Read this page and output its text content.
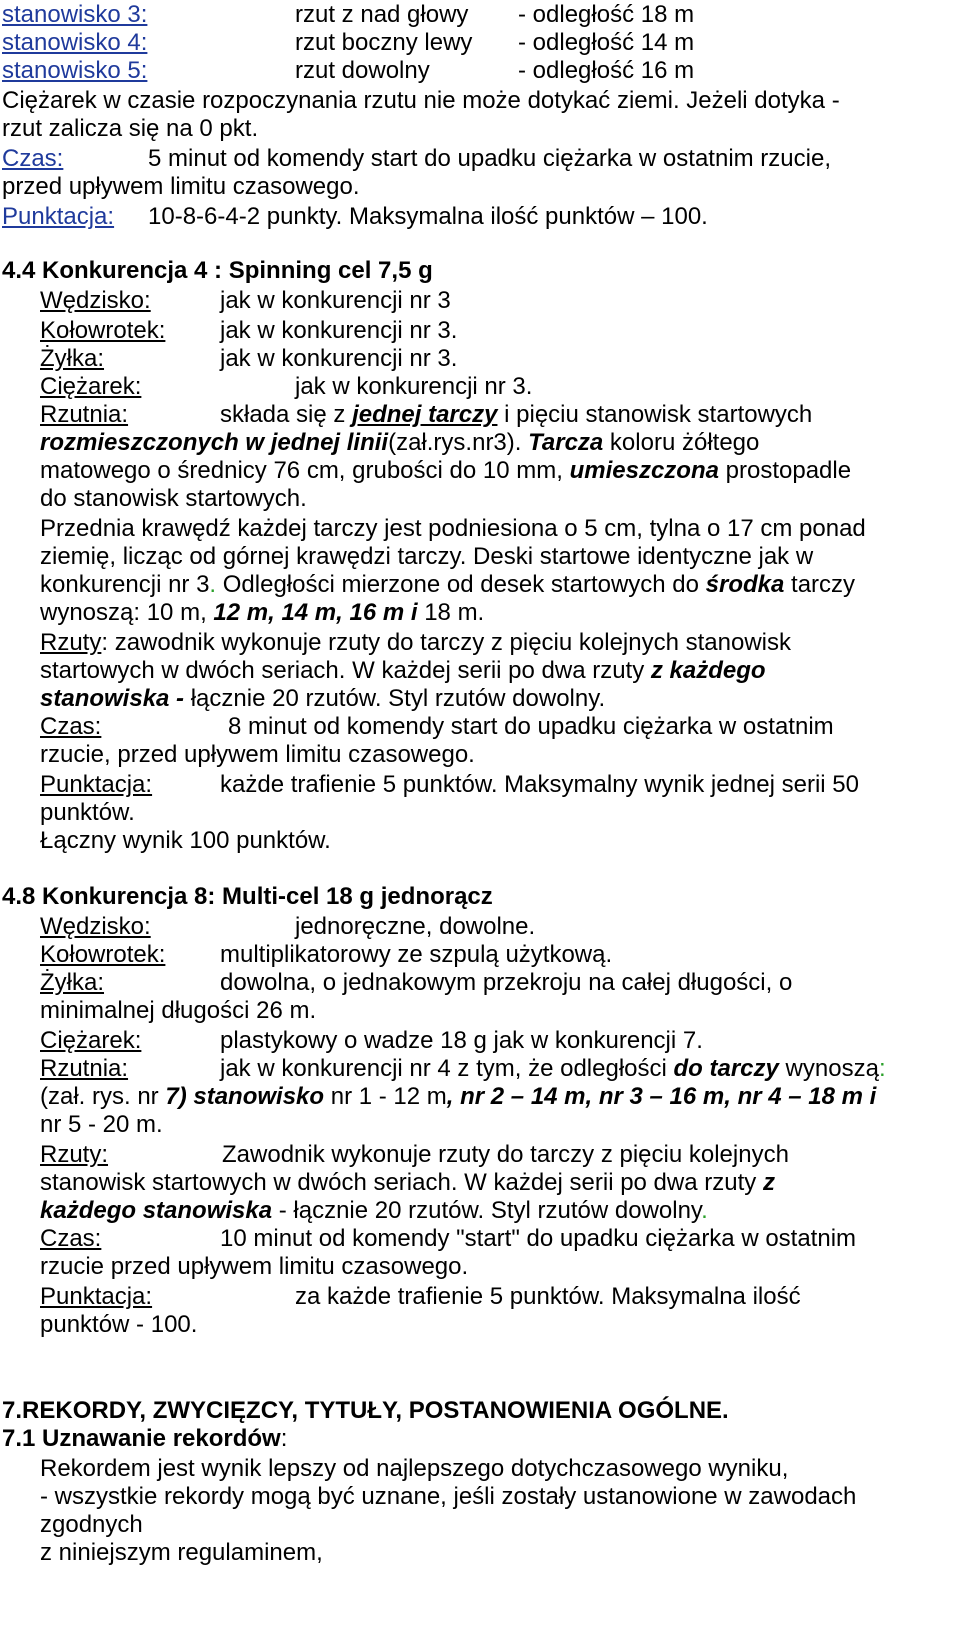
stanowisko 3:	rzut z nad głowy - odległość 18 m
stanowisko 4:	rzut boczny lewy - odległość 14 m
stanowisko 5:	rzut dowolny	- odległość 16 m
Ciężarek w czasie rozpoczynania rzutu nie może dotykać ziemi. Jeżeli dotyka -
rzut zalicza się na 0 pkt.
Czas:	5 minut od komendy start do upadku ciężarka w ostatnim rzucie,
przed upływem limitu czasowego.
Punktacja: 10-8-6-4-2 punkty. Maksymalna ilość punktów – 100.
4.4 Konkurencja 4 : Spinning cel 7,5 g
Wędzisko:	jak w konkurencji nr 3
Kołowrotek: jak w konkurencji nr 3.
Żyłka:	jak w konkurencji nr 3.
Ciężarek:	jak w konkurencji nr 3.
Rzutnia:	składa się z jednej tarczy i pięciu stanowisk startowych
rozmieszczonych w jednej linii(zał.rys.nr3). Tarcza koloru żółtego
matowego o średnicy 76 cm, grubości do 10 mm, umieszczona prostopadle
do stanowisk startowych.
Przednia krawędź każdej tarczy jest podniesiona o 5 cm, tylna o 17 cm ponad
ziemię, licząc od górnej krawędzi tarczy. Deski startowe identyczne jak w
konkurencji nr 3. Odległości mierzone od desek startowych do środka tarczy
wynoszą: 10 m, 12 m, 14 m, 16 m i 18 m.
Rzuty: zawodnik wykonuje rzuty do tarczy z pięciu kolejnych stanowisk
startowych w dwóch seriach. W każdej serii po dwa rzuty z każdego
stanowiska - łącznie 20 rzutów. Styl rzutów dowolny.
Czas:	8 minut od komendy start do upadku ciężarka w ostatnim
rzucie, przed upływem limitu czasowego.
Punktacja:	każde trafienie 5 punktów. Maksymalny wynik jednej serii 50
punktów.
Łączny wynik 100 punktów.
4.8 Konkurencja 8: Multi-cel 18 g jednorącz
Wędzisko:	jednoręczne, dowolne.
Kołowrotek: multiplikatorowy ze szpulą użytkową.
Żyłka:	dowolna, o jednakowym przekroju na całej długości, o
minimalnej długości 26 m.
Ciężarek:	plastykowy o wadze 18 g jak w konkurencji 7.
Rzutnia:	jak w konkurencji nr 4 z tym, że odległości do tarczy wynoszą:
(zał. rys. nr 7) stanowisko nr 1 - 12 m, nr 2 – 14 m, nr 3 – 16 m, nr 4 – 18 m i
nr 5 - 20 m.
Rzuty:	Zawodnik wykonuje rzuty do tarczy z pięciu kolejnych
stanowisk startowych w dwóch seriach. W każdej serii po dwa rzuty z
każdego stanowiska - łącznie 20 rzutów. Styl rzutów dowolny.
Czas:	10 minut od komendy "start" do upadku ciężarka w ostatnim
rzucie przed upływem limitu czasowego.
Punktacja:	za każde trafienie 5 punktów. Maksymalna ilość
punktów - 100.
7.REKORDY, ZWYCIĘZCY, TYTUŁY, POSTANOWIENIA OGÓLNE.
7.1 Uznawanie rekordów:
Rekordem jest wynik lepszy od najlepszego dotychczasowego wyniku,
- wszystkie rekordy mogą być uznane, jeśli zostały ustanowione w zawodach
zgodnych
z niniejszym regulaminem,
